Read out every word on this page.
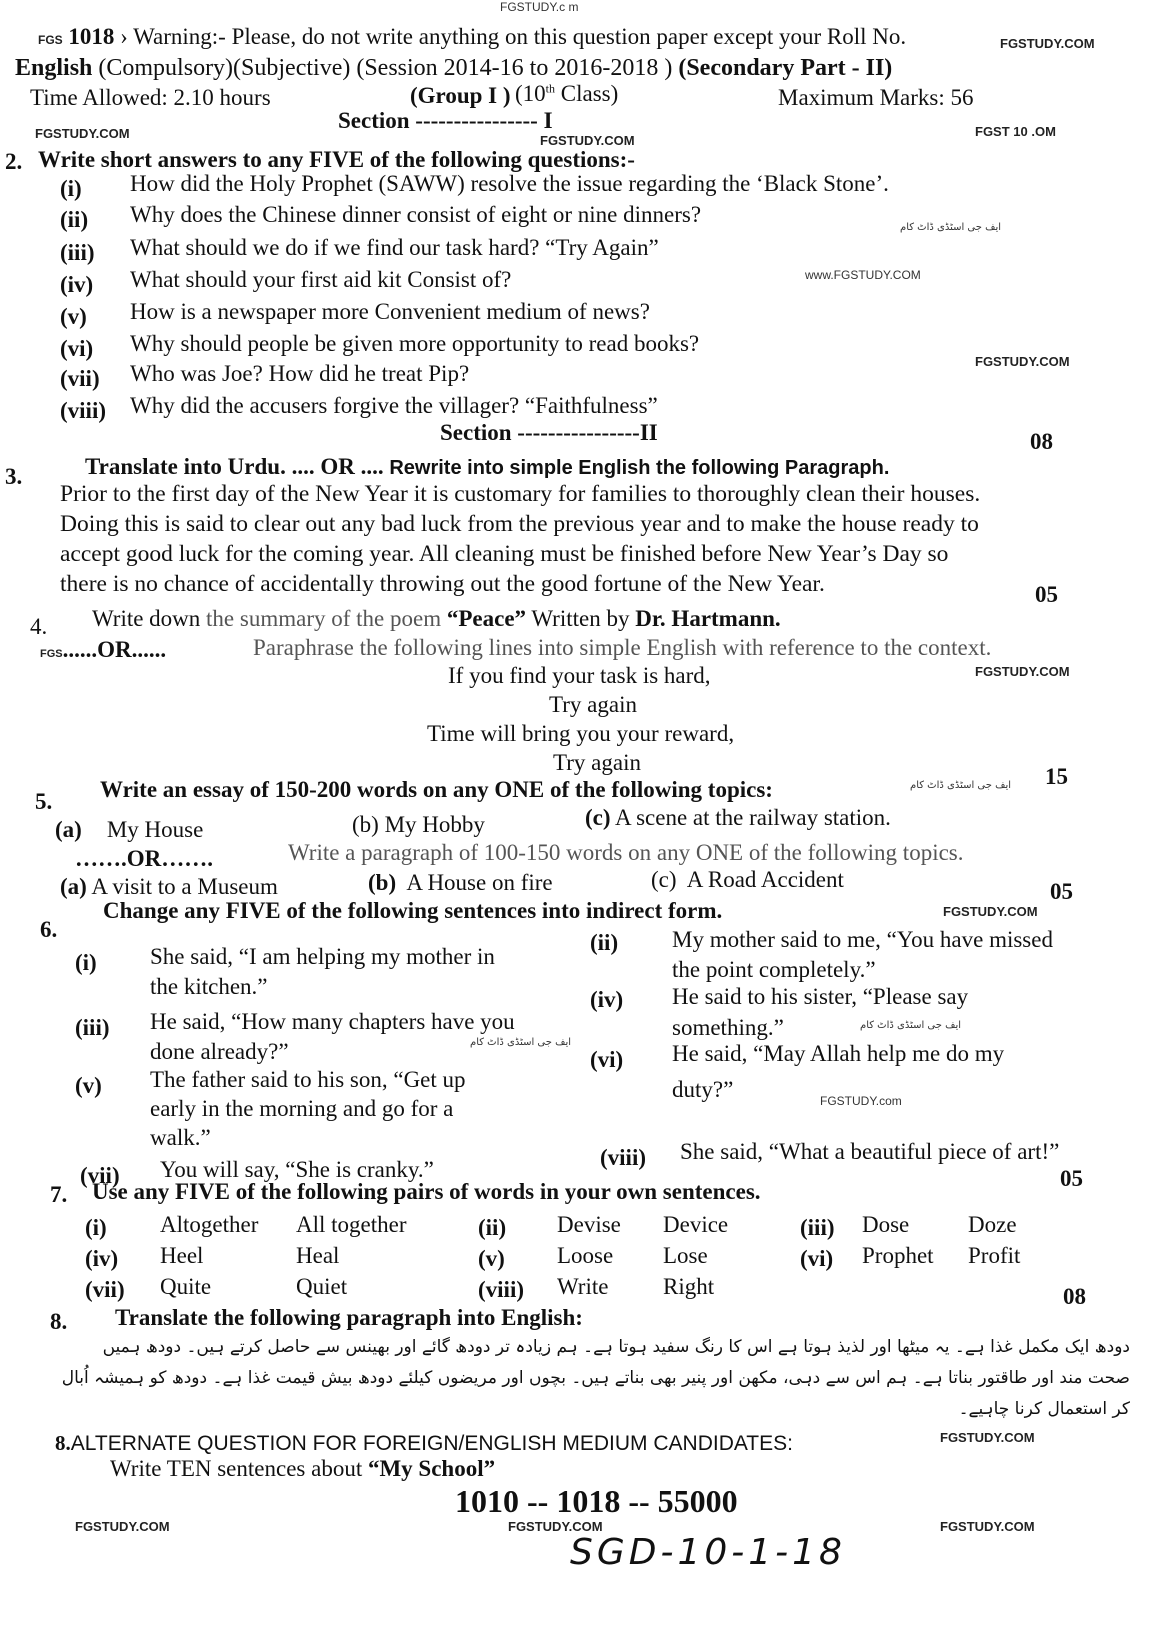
FGSTUDY.c m
FGSTUDY.COM
FGSTUDY.COM	FGSTUDY.COM
FGST 10 .OM
ایف جی اسٹڈی ڈاٹ کام
www.FGSTUDY.COM
FGSTUDY.COM
FGSTUDY.COM
ایف جی اسٹڈی ڈاٹ کام
FGSTUDY.COM
ایف جی اسٹڈی ڈاٹ کام
ایف جی اسٹڈی ڈاٹ کام
FGSTUDY.com
FGSTUDY.COM
FGSTUDY.COM	FGSTUDY.COM	FGSTUDY.COM
FGS 1018 › Warning:- Please, do not write anything on this question paper except your Roll No.
English (Compulsory)(Subjective) (Session 2014-16 to 2016-2018 ) (Secondary Part - II)
Maximum Marks: 56
Time Allowed: 2.10 hours	(Group I ) (10th Class)
Section ---------------- I
2. Write short answers to any FIVE of the following questions:-
(i) How did the Holy Prophet (SAWW) resolve the issue regarding the ‘Black Stone’.
(ii) Why does the Chinese dinner consist of eight or nine dinners?
(iii) What should we do if we find our task hard? “Try Again”
(iv) What should your first aid kit Consist of?
(v) How is a newspaper more Convenient medium of news?
(vi) Why should people be given more opportunity to read books?
(vii) Who was Joe? How did he treat Pip?
(viii) Why did the accusers forgive the villager? “Faithfulness”
Section ----------------II
3.	Translate into Urdu. .... OR .... Rewrite into simple English the following Paragraph.
08
Prior to the first day of the New Year it is customary for families to thoroughly clean their houses.
Doing this is said to clear out any bad luck from the previous year and to make the house ready to
accept good luck for the coming year. All cleaning must be finished before New Year’s Day so
there is no chance of accidentally throwing out the good fortune of the New Year.
4. Write down the summary of the poem “Peace” Written by Dr. Hartmann.
05
FGS......OR......	Paraphrase the following lines into simple English with reference to the context.
If you find your task is hard,
Try again
Time will bring you your reward,
Try again
5. Write an essay of 150-200 words on any ONE of the following topics:
15
(a) My House	(b) My Hobby	(c) A scene at the railway station.
…….OR…….	Write a paragraph of 100-150 words on any ONE of the following topics.
(a) A visit to a Museum	(b) A House on fire	(c) A Road Accident
6.
Change any FIVE of the following sentences into indirect form.
05
(i) She said, “I am helping my mother in
the kitchen.”
(ii) My mother said to me, “You have missed
the point completely.”
(iii) He said, “How many chapters have you
done already?”
(iv) He said to his sister, “Please say
something.”
(v) The father said to his son, “Get up
early in the morning and go for a
walk.”
(vi) He said, “May Allah help me do my
duty?”
(vii) You will say, “She is cranky.”	(viii) She said, “What a beautiful piece of art!”
05
7. Use any FIVE of the following pairs of words in your own sentences.
08
(i) Altogether All together	(ii) Devise Device	(iii) Dose	Doze
(iv) Heel	Heal	(v) Loose Lose	(vi) Prophet Profit
(vii) Quite	Quiet	(viii) Write Right
8. Translate the following paragraph into English:
دودھ ایک مکمل غذا ہے۔ یہ میٹھا اور لذیذ ہوتا ہے اس کا رنگ سفید ہوتا ہے۔ ہم زیادہ تر دودھ گائے اور بھینس سے حاصل کرتے ہیں۔ دودھ ہمیں صحت مند اور طاقتور بناتا ہے۔ ہم اس سے دہی، مکھن اور پنیر بھی بناتے ہیں۔ بچوں اور مریضوں کیلئے دودھ بیش قیمت غذا ہے۔ دودھ کو ہمیشہ اُبال کر استعمال کرنا چاہیے۔
8.ALTERNATE QUESTION FOR FOREIGN/ENGLISH MEDIUM CANDIDATES:
Write TEN sentences about “My School”
1010 -- 1018 -- 55000
SGD-10-1-18
